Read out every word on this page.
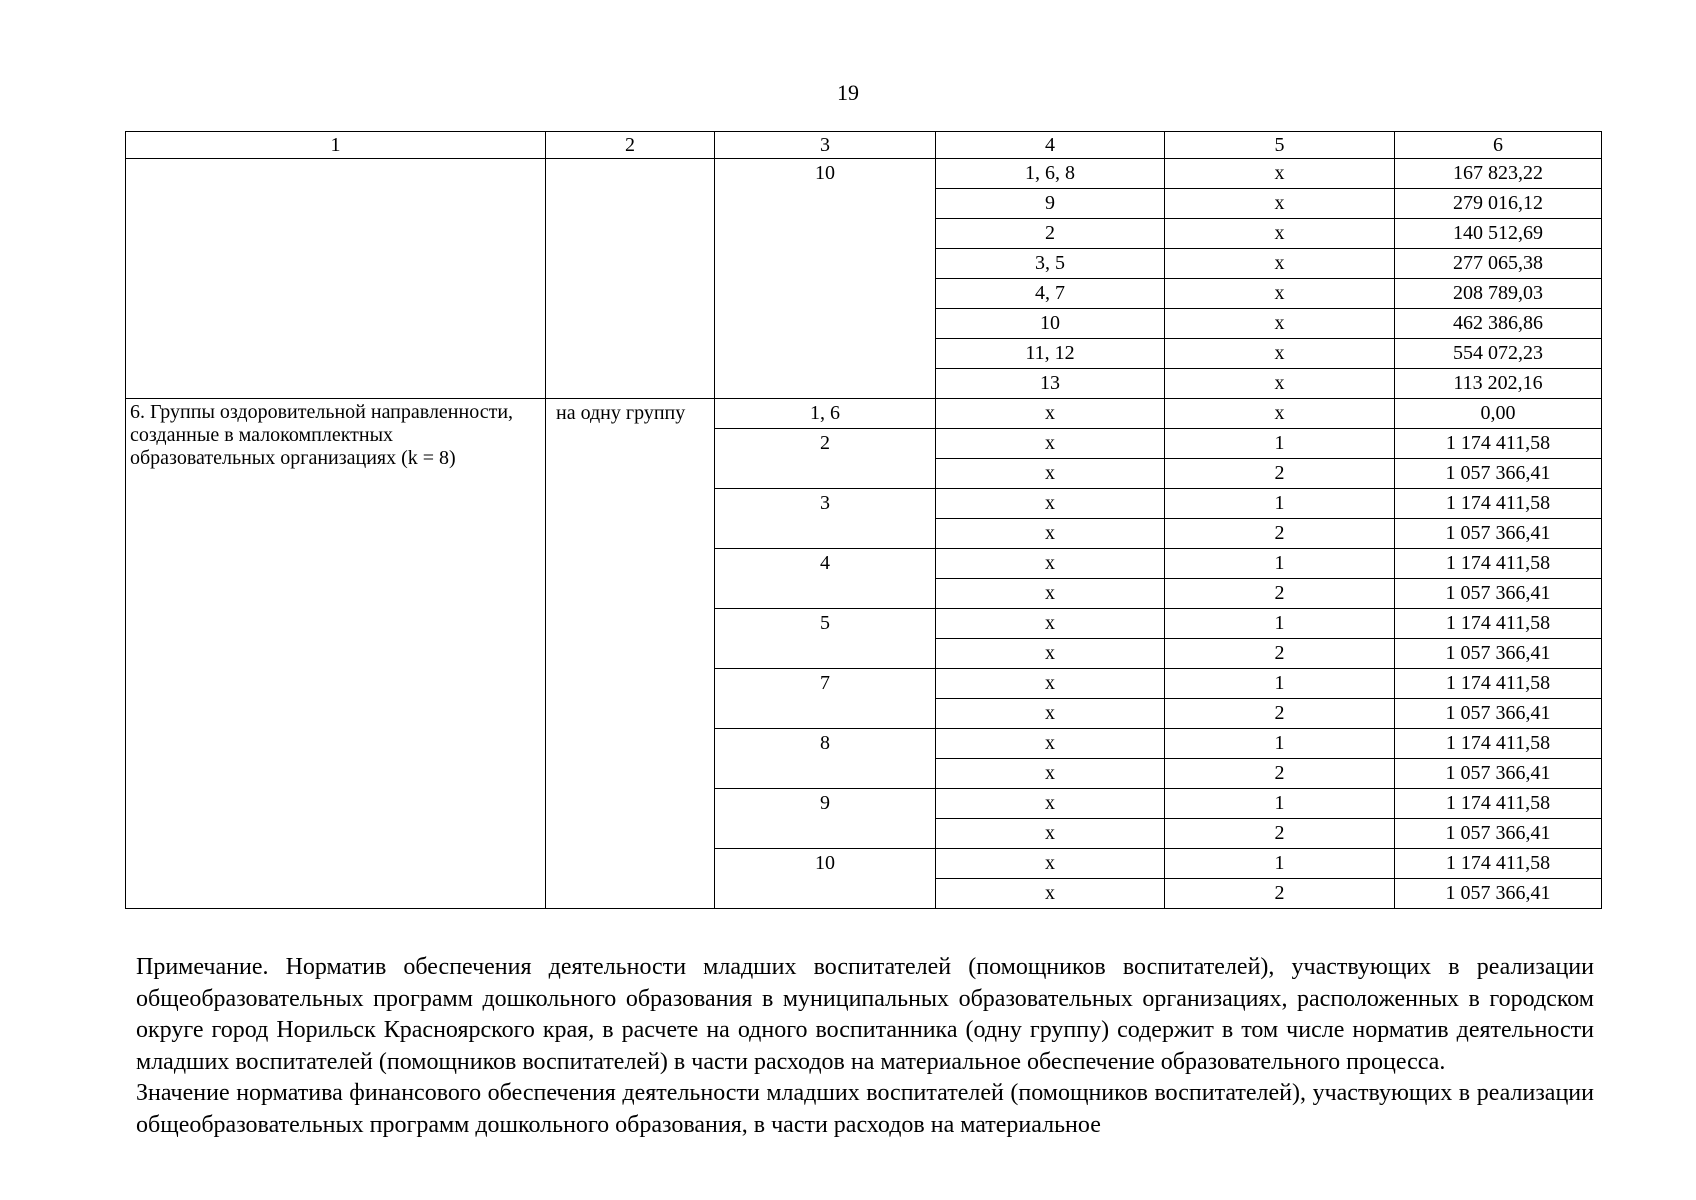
19
1	2	3	4	5	6
		10	1, 6, 8	x	167 823,22
			9	x	279 016,12
			2	x	140 512,69
			3, 5	x	277 065,38
			4, 7	x	208 789,03
			10	x	462 386,86
			11, 12	x	554 072,23
			13	x	113 202,16
6. Группы оздоровительной направленности, созданные в малокомплектных образовательных организациях (k = 8)	на одну группу	1, 6	x	x	0,00
		2	x	1	1 174 411,58
			x	2	1 057 366,41
		3	x	1	1 174 411,58
			x	2	1 057 366,41
		4	x	1	1 174 411,58
			x	2	1 057 366,41
		5	x	1	1 174 411,58
			x	2	1 057 366,41
		7	x	1	1 174 411,58
			x	2	1 057 366,41
		8	x	1	1 174 411,58
			x	2	1 057 366,41
		9	x	1	1 174 411,58
			x	2	1 057 366,41
		10	x	1	1 174 411,58
			x	2	1 057 366,41

Примечание. Норматив обеспечения деятельности младших воспитателей (помощников воспитателей), участвующих в реализации общеобразовательных программ дошкольного образования в муниципальных образовательных организациях, расположенных в городском округе город Норильск Красноярского края, в расчете на одного воспитанника (одну группу) содержит в том числе норматив деятельности младших воспитателей (помощников воспитателей) в части расходов на материальное обеспечение образовательного процесса.

Значение норматива финансового обеспечения деятельности младших воспитателей (помощников воспитателей), участвующих в реализации общеобразовательных программ дошкольного образования, в части расходов на материальное
